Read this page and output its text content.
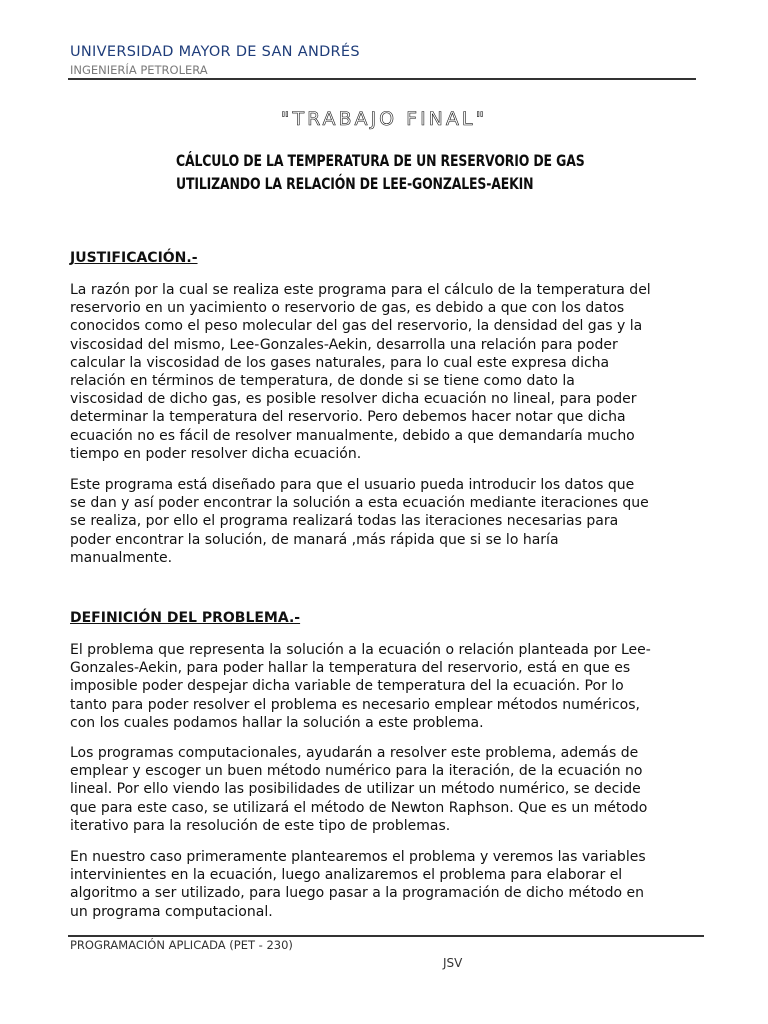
UNIVERSIDAD MAYOR DE SAN ANDRÉS
INGENIERÍA PETROLERA
"TRABAJO FINAL"
CÁLCULO DE LA TEMPERATURA DE UN RESERVORIO DE GAS
UTILIZANDO LA RELACIÓN DE LEE-GONZALES-AEKIN
JUSTIFICACIÓN.-
La razón por la cual se realiza este programa para el cálculo de la temperatura del
reservorio en un yacimiento o reservorio de gas, es debido a que con los datos
conocidos como el peso molecular del gas del reservorio, la densidad del gas y la
viscosidad del mismo, Lee-Gonzales-Aekin, desarrolla una relación para poder
calcular la viscosidad de los gases naturales, para lo cual este expresa dicha
relación en términos de temperatura, de donde si se tiene como dato la
viscosidad de dicho gas, es posible resolver dicha ecuación no lineal, para poder
determinar la temperatura del reservorio. Pero debemos hacer notar que dicha
ecuación no es fácil de resolver manualmente, debido a que demandaría mucho
tiempo en poder resolver dicha ecuación.
Este programa está diseñado para que el usuario pueda introducir los datos que
se dan y así poder encontrar la solución a esta ecuación mediante iteraciones que
se realiza, por ello el programa realizará todas las iteraciones necesarias para
poder encontrar la solución, de manará ,más rápida que si se lo haría
manualmente.
DEFINICIÓN DEL PROBLEMA.-
El problema que representa la solución a la ecuación o relación planteada por Lee-
Gonzales-Aekin, para poder hallar la temperatura del reservorio, está en que es
imposible poder despejar dicha variable de temperatura del la ecuación. Por lo
tanto para poder resolver el problema es necesario emplear métodos numéricos,
con los cuales podamos hallar la solución a este problema.
Los programas computacionales, ayudarán a resolver este problema, además de
emplear y escoger un buen método numérico para la iteración, de la ecuación no
lineal. Por ello viendo las posibilidades de utilizar un método numérico, se decide
que para este caso, se utilizará el método de Newton Raphson. Que es un método
iterativo para la resolución de este tipo de problemas.
En nuestro caso primeramente plantearemos el problema y veremos las variables
intervinientes en la ecuación, luego analizaremos el problema para elaborar el
algoritmo a ser utilizado, para luego pasar a la programación de dicho método en
un programa computacional.
PROGRAMACIÓN APLICADA (PET - 230)
JSV
